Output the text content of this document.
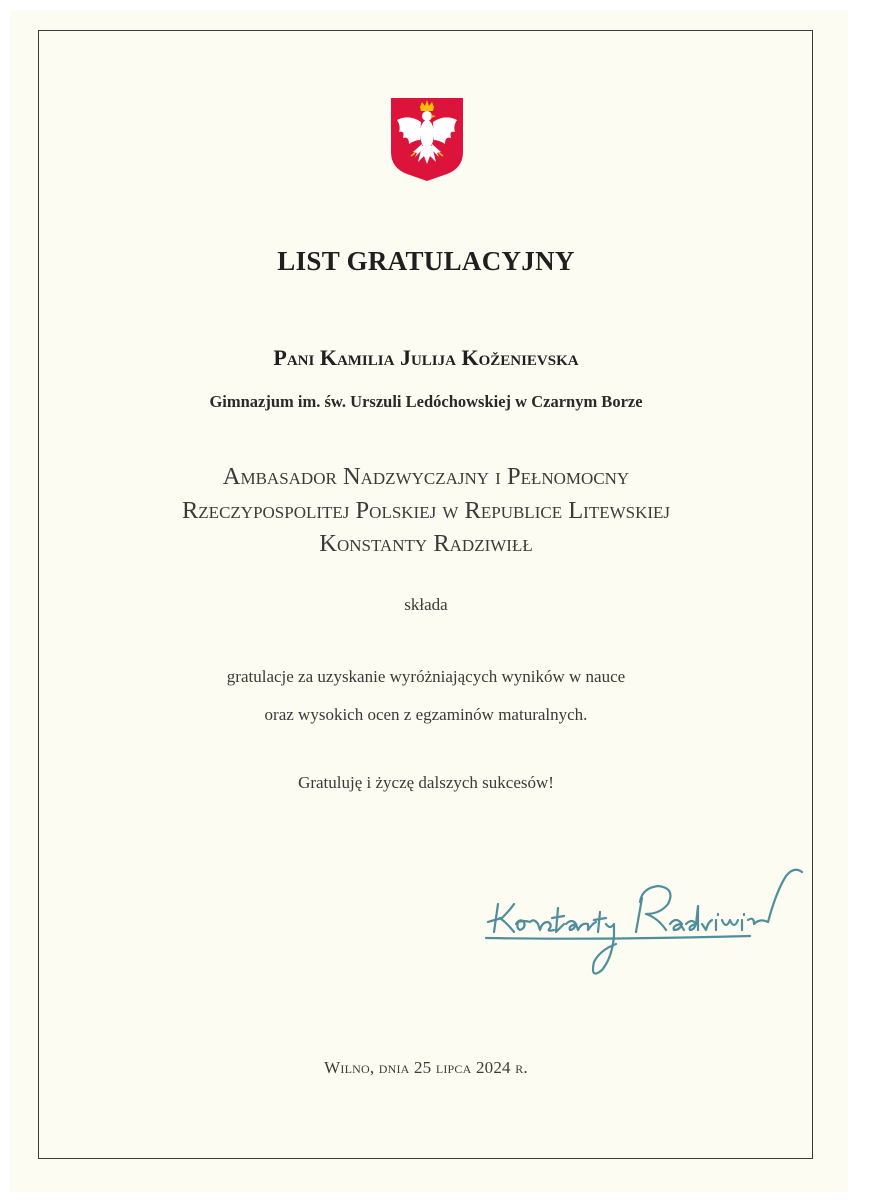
LIST GRATULACYJNY
Pani Kamilia Julija Koženievska
Gimnazjum im. św. Urszuli Ledóchowskiej w Czarnym Borze
Ambasador Nadzwyczajny i Pełnomocny
Rzeczypospolitej Polskiej w Republice Litewskiej
Konstanty Radziwiłł
składa
gratulacje za uzyskanie wyróżniających wyników w nauce
oraz wysokich ocen z egzaminów maturalnych.
Gratuluję i życzę dalszych sukcesów!
Wilno, dnia 25 lipca 2024 r.
